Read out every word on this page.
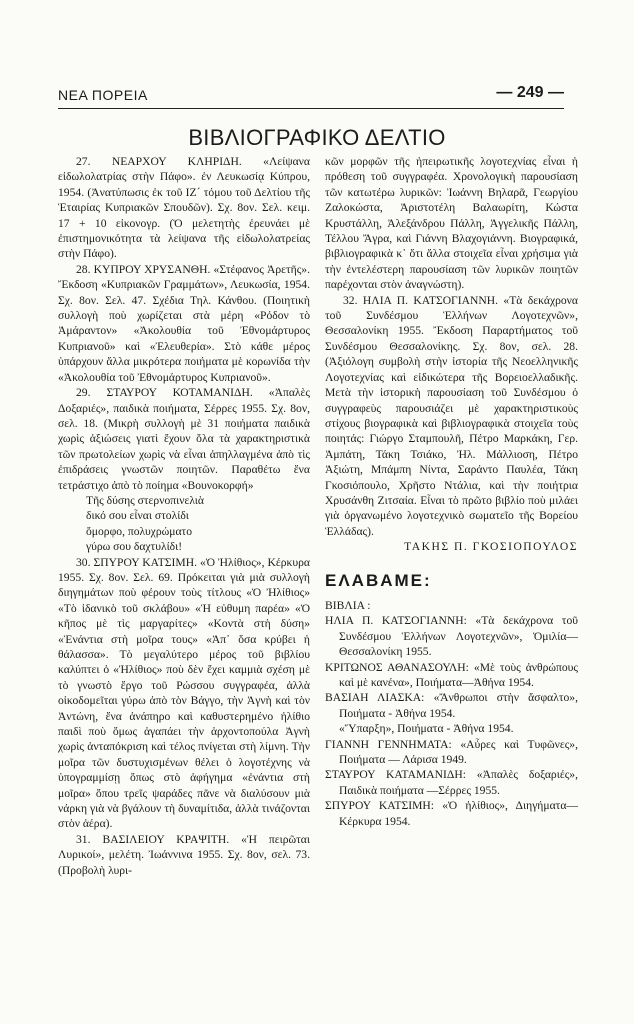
ΝΕΑ ΠΟΡΕΙΑ	— 249 —
ΒΙΒΛΙΟΓΡΑΦΙΚΟ ΔΕΛΤΙΟ

27. ΝΕΑΡΧΟΥ ΚΛΗΡΙΔΗ. «Λείψανα εἰδωλολατρίας στὴν Πάφο». ἐν Λευκωσίᾳ Κύπρου, 1954. (Ἀνατύπωσις ἐκ τοῦ ΙΖ´ τόμου τοῦ Δελτίου τῆς Ἑταιρίας Κυπριακῶν Σπουδῶν). Σχ. 8ον. Σελ. κειμ. 17 + 10 εἰκονογρ. (Ὁ μελετητὴς ἐρευνάει μὲ ἐπιστημονικότητα τὰ λείψανα τῆς εἰδωλολατρείας στὴν Πάφο).

28. ΚΥΠΡΟΥ ΧΡΥΣΑΝΘΗ. «Στέφανος Ἀρετῆς». Ἔκδοση «Κυπριακῶν Γραμμάτων», Λευκωσία, 1954. Σχ. 8ον. Σελ. 47. Σχέδια Τηλ. Κάνθου. (Ποιητικὴ συλλογὴ ποὺ χωρίζεται στὰ μέρη «Ρόδον τὸ Ἀμάραντον» «Ἀκολουθία τοῦ Ἐθνομάρτυρος Κυπριανοῦ» καὶ «Ἐλευθερία». Στὸ κάθε μέρος ὑπάρχουν ἄλλα μικρότερα ποιήματα μὲ κορωνίδα τὴν «Ἀκολουθία τοῦ Ἐθνομάρτυρος Κυπριανοῦ».

29. ΣΤΑΥΡΟΥ ΚΟΤΑΜΑΝΙΔΗ. «Ἀπαλὲς Δοξαριές», παιδικὰ ποιήματα, Σέρρες 1955. Σχ. 8ον, σελ. 18. (Μικρὴ συλλογὴ μὲ 31 ποιήματα παιδικὰ χωρὶς ἀξιώσεις γιατὶ ἔχουν ὅλα τὰ χαρακτηριστικὰ τῶν πρωτολείων χωρὶς νὰ εἶναι ἀπηλλαγμένα ἀπὸ τὶς ἐπιδράσεις γνωστῶν ποιητῶν. Παραθέτω ἕνα τετράστιχο ἀπὸ τὸ ποίημα «Βουνοκορφή»

Τῆς δύσης στερνοπινελιὰ

δικό σου εἶναι στολίδι

ὄμορφο, πολυχρώματο

γύρω σου δαχτυλίδι!

30. ΣΠΥΡΟΥ ΚΑΤΣΙΜΗ. «Ὁ Ἠλίθιος», Κέρκυρα 1955. Σχ. 8ον. Σελ. 69. Πρόκειται γιὰ μιὰ συλλογὴ διηγημάτων ποὺ φέρουν τοὺς τίτλους «Ὁ Ἠλίθιος» «Τὸ ἰδανικὸ τοῦ σκλάβου» «Ἡ εὐθυμη παρέα» «Ὁ κῆπος μὲ τὶς μαργαρίτες» «Κοντὰ στὴ δύση» «Ἐνάντια στὴ μοῖρα τους» «Ἀπ᾿ ὅσα κρύβει ἡ θάλασσα». Τὸ μεγαλύτερο μέρος τοῦ βιβλίου καλύπτει ὁ «Ἠλίθιος» ποὺ δὲν ἔχει καμμιὰ σχέση μὲ τὸ γνωστὸ ἔργο τοῦ Ρώσσου συγγραφέα, ἀλλὰ οἰκοδομεῖται γύρω ἀπὸ τὸν Βάγγο, τὴν Ἀγνὴ καὶ τὸν Ἀντώνη, ἕνα ἀνάπηρο καὶ καθυστερημένο ἠλίθιο παιδὶ ποὺ ὅμως ἀγαπάει τὴν ἀρχοντοπούλα Ἀγνὴ χωρὶς ἀνταπόκριση καὶ τέλος πνίγεται στὴ λίμνη. Τὴν μοῖρα τῶν δυστυχισμένων θέλει ὁ λογοτέχνης νὰ ὑπογραμμίσῃ ὅπως στὸ ἀφήγημα «ἐνάντια στὴ μοῖρα» ὅπου τρεῖς ψαράδες πᾶνε νὰ διαλύσουν μιὰ νάρκη γιὰ νὰ βγάλουν τὴ δυναμίτιδα, ἀλλὰ τινάζονται στὸν ἀέρα).

31. ΒΑΣΙΛΕΙΟΥ ΚΡΑΨΙΤΗ. «Ἡ πειρῶται Λυρικοί», μελέτη. Ἰωάννινα 1955. Σχ. 8ον, σελ. 73. (Προβολὴ λυρι-

κῶν μορφῶν τῆς ἠπειρωτικῆς λογοτεχνίας εἶναι ἡ πρόθεση τοῦ συγγραφέα. Χρονολογικὴ παρουσίαση τῶν κατωτέρω λυρικῶν: Ἰωάννη Βηλαρᾶ, Γεωργίου Ζαλοκώστα, Ἀριστοτέλη Βαλαωρίτη, Κώστα Κρυστάλλη, Ἀλεξάνδρου Πάλλη, Ἀγγελικῆς Πάλλη, Τέλλου Ἄγρα, καὶ Γιάννη Βλαχογιάννη. Βιογραφικά, βιβλιογραφικὰ κ᾿ ὅτι ἄλλα στοιχεῖα εἶναι χρήσιμα γιὰ τὴν ἐντελέστερη παρουσίαση τῶν λυρικῶν ποιητῶν παρέχονται στὸν ἀναγνώστη).

32. ΗΛΙΑ Π. ΚΑΤΣΟΓΙΑΝΝΗ. «Τὰ δεκάχρονα τοῦ Συνδέσμου Ἑλλήνων Λογοτεχνῶν», Θεσσαλονίκη 1955. Ἔκδοση Παραρτήματος τοῦ Συνδέσμου Θεσσαλονίκης. Σχ. 8ον, σελ. 28. (Ἀξιόλογη συμβολὴ στὴν ἱστορία τῆς Νεοελληνικῆς Λογοτεχνίας καὶ εἰδικώτερα τῆς Βορειοελλαδικῆς. Μετὰ τὴν ἱστορικὴ παρουσίαση τοῦ Συνδέσμου ὁ συγγραφεὺς παρουσιάζει μὲ χαρακτηριστικοὺς στίχους βιογραφικὰ καὶ βιβλιογραφικὰ στοιχεῖα τοὺς ποιητάς: Γιώργο Σταμπουλῆ, Πέτρο Μαρκάκη, Γερ. Ἀμπάτη, Τάκη Τσιάκο, Ἠλ. Μάλλιοση, Πέτρο Ἀξιώτη, Μπάμπη Νίντα, Σαράντο Παυλέα, Τάκη Γκοσιόπουλο, Χρῆστο Ντάλια, καὶ τὴν ποιήτρια Χρυσάνθη Ζιτσαία. Εἶναι τὸ πρῶτο βιβλίο ποὺ μιλάει γιὰ ὀργανωμένο λογοτεχνικὸ σωματεῖο τῆς Βορείου Ἑλλάδας).

ΤΑΚΗΣ Π. ΓΚΟΣΙΟΠΟΥΛΟΣ

ΕΛΑΒΑΜΕ:

ΒΙΒΛΙΑ :

ΗΛΙΑ Π. ΚΑΤΣΟΓΙΑΝΝΗ: «Τὰ δεκάχρονα τοῦ Συνδέσμου Ἑλλήνων Λογοτεχνῶν», Ὁμιλία—Θεσσαλονίκη 1955.

ΚΡΙΤΩΝΟΣ ΑΘΑΝΑΣΟΥΛΗ: «Μὲ τοὺς ἀνθρώπους καὶ μὲ κανένα», Ποιήματα—Ἀθήνα 1954.

ΒΑΣΙΑΗ ΛΙΑΣΚΑ: «Ἄνθρωποι στὴν ἄσφαλτο», Ποιήματα - Ἀθήνα 1954.

«Ὕπαρξη», Ποιήματα - Ἀθήνα 1954.

ΓΙΑΝΝΗ ΓΕΝΝΗΜΑΤΑ: «Αὖρες καὶ Τυφῶνες», Ποιήματα — Λάρισα 1949.

ΣΤΑΥΡΟΥ ΚΑΤΑΜΑΝΙΔΗ: «Ἀπαλὲς δοξαριές», Παιδικὰ ποιήματα —Σέρρες 1955.

ΣΠΥΡΟΥ ΚΑΤΣΙΜΗ: «Ὁ ἠλίθιος», Διηγήματα—Κέρκυρα 1954.
